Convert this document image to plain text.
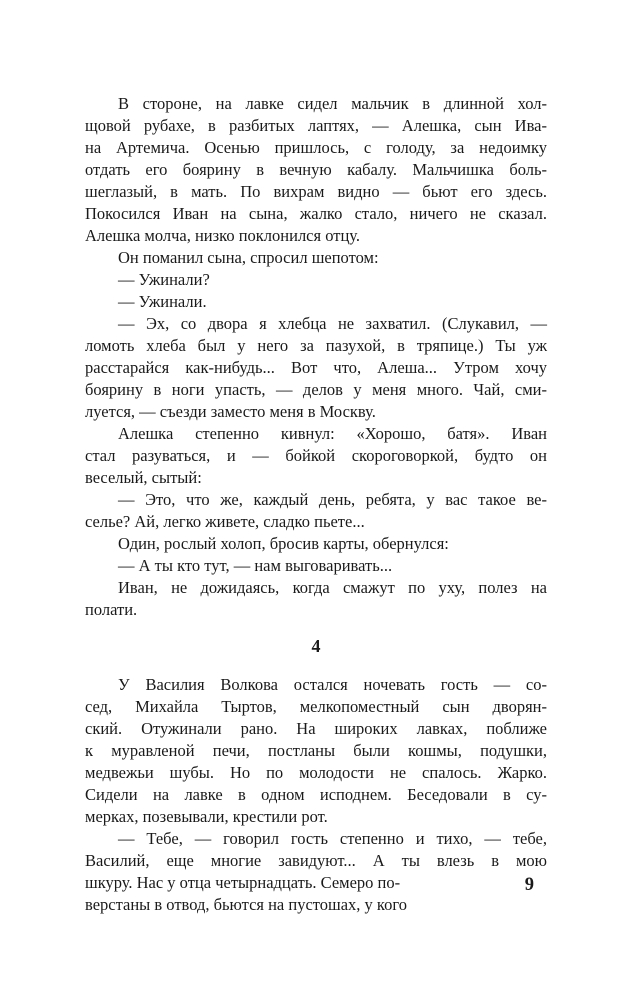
В стороне, на лавке сидел мальчик в длинной хол-
щовой рубахе, в разбитых лаптях, — Алешка, сын Ива-
на Артемича. Осенью пришлось, с голоду, за недоимку
отдать его боярину в вечную кабалу. Мальчишка боль-
шеглазый, в мать. По вихрам видно — бьют его здесь.
Покосился Иван на сына, жалко стало, ничего не сказал.
Алешка молча, низко поклонился отцу.
Он поманил сына, спросил шепотом:
— Ужинали?
— Ужинали.
— Эх, со двора я хлебца не захватил. (Слукавил, —
ломоть хлеба был у него за пазухой, в тряпице.) Ты уж
расстарайся как-нибудь... Вот что, Алеша... Утром хочу
боярину в ноги упасть, — делов у меня много. Чай, сми-
луется, — съезди заместо меня в Москву.
Алешка степенно кивнул: «Хорошо, батя». Иван
стал разуваться, и — бойкой скороговоркой, будто он
веселый, сытый:
— Это, что же, каждый день, ребята, у вас такое ве-
селье? Ай, легко живете, сладко пьете...
Один, рослый холоп, бросив карты, обернулся:
— А ты кто тут, — нам выговаривать...
Иван, не дожидаясь, когда смажут по уху, полез на
полати.
4
У Василия Волкова остался ночевать гость — со-
сед, Михайла Тыртов, мелкопоместный сын дворян-
ский. Отужинали рано. На широких лавках, поближе
к муравленой печи, постланы были кошмы, подушки,
медвежьи шубы. Но по молодости не спалось. Жарко.
Сидели на лавке в одном исподнем. Беседовали в су-
мерках, позевывали, крестили рот.
— Тебе, — говорил гость степенно и тихо, — тебе,
Василий, еще многие завидуют... А ты влезь в мою
шкуру. Нас у отца четырнадцать. Семеро по-
верстаны в отвод, бьются на пустошах, у кого
9
